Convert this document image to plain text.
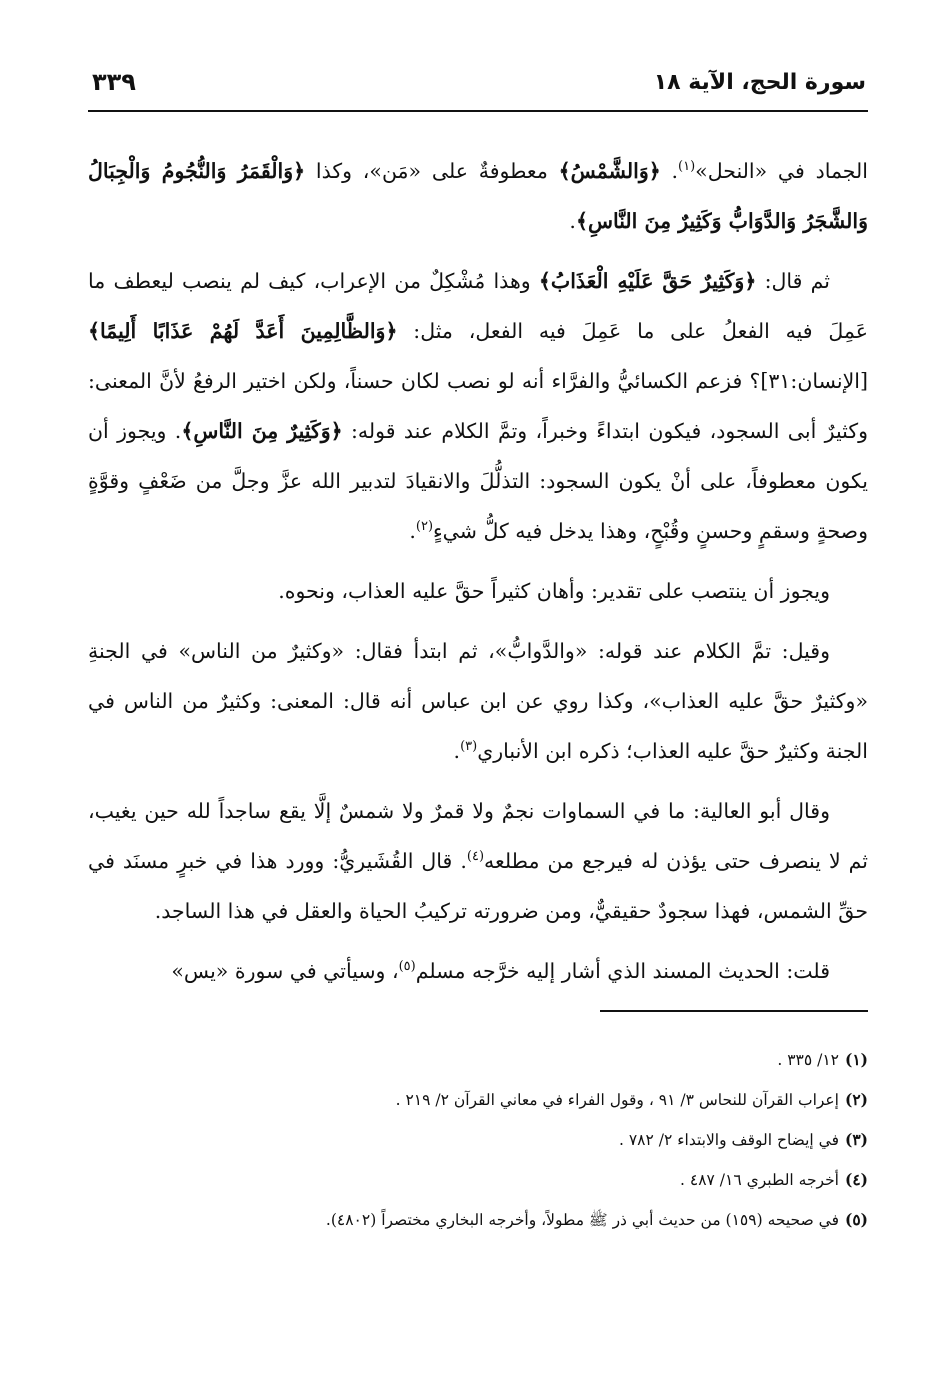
سورة الحج، الآية ١٨
٣٣٩

الجماد في «النحل»$^{(١)}$. ﴿وَالشَّمْسُ﴾ معطوفةٌ على «مَن»، وكذا ﴿وَالْقَمَرُ وَالنُّجُومُ وَالْجِبَالُ وَالشَّجَرُ وَالدَّوَابُّ وَكَثِيرٌ مِنَ النَّاسِ﴾.

ثم قال: ﴿وَكَثِيرٌ حَقَّ عَلَيْهِ الْعَذَابُ﴾ وهذا مُشْكِلٌ من الإعراب، كيف لم ينصب ليعطف ما عَمِلَ فيه الفعلُ على ما عَمِلَ فيه الفعل، مثل: ﴿وَالظَّالِمِينَ أَعَدَّ لَهُمْ عَذَابًا أَلِيمًا﴾ [الإنسان:٣١]؟ فزعم الكسائيُّ والفرَّاء أنه لو نصب لكان حسناً، ولكن اختير الرفعُ لأنَّ المعنى: وكثيرٌ أبى السجود، فيكون ابتداءً وخبراً، وتمَّ الكلام عند قوله: ﴿وَكَثِيرٌ مِنَ النَّاسِ﴾. ويجوز أن يكون معطوفاً، على أنْ يكون السجود: التذلُّلَ والانقيادَ لتدبير الله عزَّ وجلَّ من ضَعْفٍ وقوَّةٍ وصحةٍ وسقمٍ وحسنٍ وقُبْحٍ، وهذا يدخل فيه كلُّ شيءٍ$^{(٢)}$.

ويجوز أن ينتصب على تقدير: وأهان كثيراً حقَّ عليه العذاب، ونحوه.

وقيل: تمَّ الكلام عند قوله: «والدَّوابُّ»، ثم ابتدأ فقال: «وكثيرٌ من الناس» في الجنةِ «وكثيرٌ حقَّ عليه العذاب»، وكذا روي عن ابن عباس أنه قال: المعنى: وكثيرٌ من الناس في الجنة وكثيرٌ حقَّ عليه العذاب؛ ذكره ابن الأنباري$^{(٣)}$.

وقال أبو العالية: ما في السماوات نجمٌ ولا قمرٌ ولا شمسٌ إلَّا يقع ساجداً لله حين يغيب، ثم لا ينصرف حتى يؤذن له فيرجع من مطلعه$^{(٤)}$. قال القُشَيريُّ: وورد هذا في خبرٍ مسنَد في حقِّ الشمس، فهذا سجودٌ حقيقيٌّ، ومن ضرورته تركيبُ الحياة والعقل في هذا الساجد.

قلت: الحديث المسند الذي أشار إليه خرَّجه مسلم$^{(٥)}$، وسيأتي في سورة «يس»

(١)١٢/ ٣٣٥ .
(٢)إعراب القرآن للنحاس ٣/ ٩١ ، وقول الفراء في معاني القرآن ٢/ ٢١٩ .
(٣)في إيضاح الوقف والابتداء ٢/ ٧٨٢ .
(٤)أخرجه الطبري ١٦/ ٤٨٧ .
(٥)في صحيحه (١٥٩) من حديث أبي ذر ﷺ مطولاً، وأخرجه البخاري مختصراً (٤٨٠٢).
